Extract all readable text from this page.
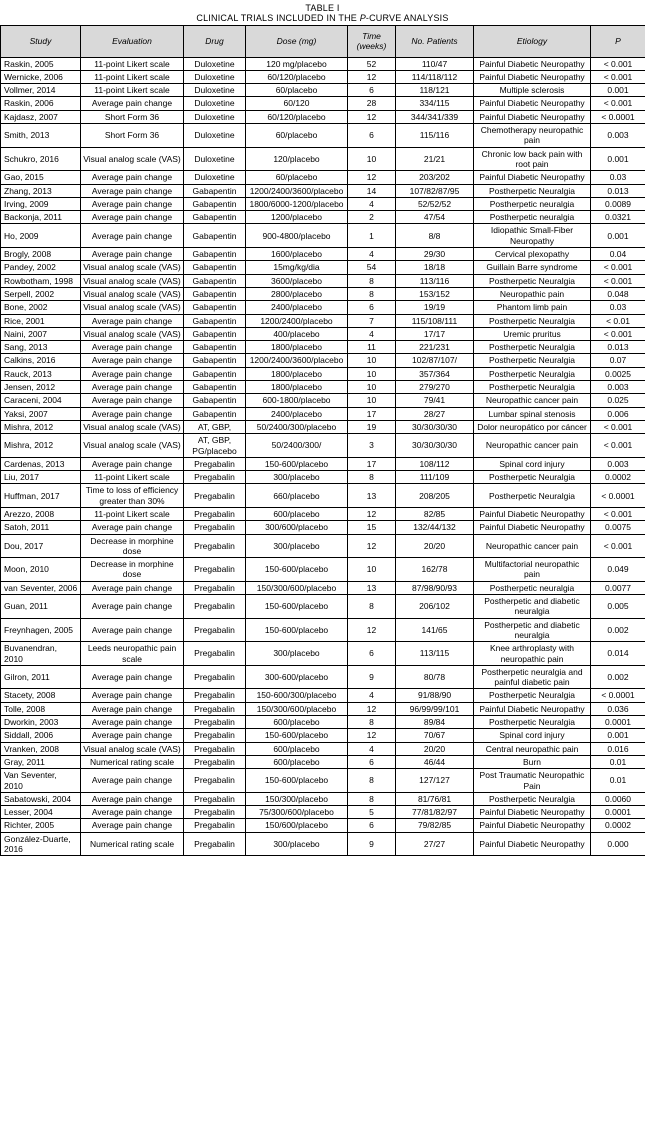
TABLE I
CLINICAL TRIALS INCLUDED IN THE P-CURVE ANALYSIS
Study	Evaluation	Drug	Dose (mg)	Time (weeks)	No. Patients	Etiology	P
Raskin, 2005	11-point Likert scale	Duloxetine	120 mg/placebo	52	110/47	Painful Diabetic Neuropathy	< 0.001
Wernicke, 2006	11-point Likert scale	Duloxetine	60/120/placebo	12	114/118/112	Painful Diabetic Neuropathy	< 0.001
Vollmer, 2014	11-point Likert scale	Duloxetine	60/placebo	6	118/121	Multiple sclerosis	0.001
Raskin, 2006	Average pain change	Duloxetine	60/120	28	334/115	Painful Diabetic Neuropathy	< 0.001
Kajdasz, 2007	Short Form 36	Duloxetine	60/120/placebo	12	344/341/339	Painful Diabetic Neuropathy	< 0.0001
Smith, 2013	Short Form 36	Duloxetine	60/placebo	6	115/116	Chemotherapy neuropathic pain	0.003
Schukro, 2016	Visual analog scale (VAS)	Duloxetine	120/placebo	10	21/21	Chronic low back pain with root pain	0.001
Gao, 2015	Average pain change	Duloxetine	60/placebo	12	203/202	Painful Diabetic Neuropathy	0.03
Zhang, 2013	Average pain change	Gabapentin	1200/2400/3600/placebo	14	107/82/87/95	Postherpetic Neuralgia	0.013
Irving, 2009	Average pain change	Gabapentin	1800/6000-1200/placebo	4	52/52/52	Postherpetic neuralgia	0.0089
Backonja, 2011	Average pain change	Gabapentin	1200/placebo	2	47/54	Postherpetic neuralgia	0.0321
Ho, 2009	Average pain change	Gabapentin	900-4800/placebo	1	8/8	Idiopathic Small-Fiber Neuropathy	0.001
Brogly, 2008	Average pain change	Gabapentin	1600/placebo	4	29/30	Cervical plexopathy	0.04
Pandey, 2002	Visual analog scale (VAS)	Gabapentin	15mg/kg/dia	54	18/18	Guillain Barre syndrome	< 0.001
Rowbotham, 1998	Visual analog scale (VAS)	Gabapentin	3600/placebo	8	113/116	Postherpetic Neuralgia	< 0.001
Serpell, 2002	Visual analog scale (VAS)	Gabapentin	2800/placebo	8	153/152	Neuropathic pain	0.048
Bone, 2002	Visual analog scale (VAS)	Gabapentin	2400/placebo	6	19/19	Phantom limb pain	0.03
Rice, 2001	Average pain change	Gabapentin	1200/2400/placebo	7	115/108/111	Postherpetic Neuralgia	< 0.01
Naini, 2007	Visual analog scale (VAS)	Gabapentin	400/placebo	4	17/17	Uremic pruritus	< 0.001
Sang, 2013	Average pain change	Gabapentin	1800/placebo	11	221/231	Postherpetic Neuralgia	0.013
Calkins, 2016	Average pain change	Gabapentin	1200/2400/3600/placebo	10	102/87/107/	Postherpetic Neuralgia	0.07
Rauck, 2013	Average pain change	Gabapentin	1800/placebo	10	357/364	Postherpetic Neuralgia	0.0025
Jensen, 2012	Average pain change	Gabapentin	1800/placebo	10	279/270	Postherpetic Neuralgia	0.003
Caraceni, 2004	Average pain change	Gabapentin	600-1800/placebo	10	79/41	Neuropathic cancer pain	0.025
Yaksi, 2007	Average pain change	Gabapentin	2400/placebo	17	28/27	Lumbar spinal stenosis	0.006
Mishra, 2012	Visual analog scale (VAS)	AT, GBP,	50/2400/300/placebo	19	30/30/30/30	Dolor neuropático por cáncer	< 0.001
Mishra, 2012	Visual analog scale (VAS)	AT, GBP, PG/placebo	50/2400/300/	3	30/30/30/30	Neuropathic cancer pain	< 0.001
Cardenas, 2013	Average pain change	Pregabalin	150-600/placebo	17	108/112	Spinal cord injury	0.003
Liu, 2017	11-point Likert scale	Pregabalin	300/placebo	8	111/109	Postherpetic Neuralgia	0.0002
Huffman, 2017	Time to loss of efficiency greater than 30%	Pregabalin	660/placebo	13	208/205	Postherpetic Neuralgia	< 0.0001
Arezzo, 2008	11-point Likert scale	Pregabalin	600/placebo	12	82/85	Painful Diabetic Neuropathy	< 0.001
Satoh, 2011	Average pain change	Pregabalin	300/600/placebo	15	132/44/132	Painful Diabetic Neuropathy	0.0075
Dou, 2017	Decrease in morphine dose	Pregabalin	300/placebo	12	20/20	Neuropathic cancer pain	< 0.001
Moon, 2010	Decrease in morphine dose	Pregabalin	150-600/placebo	10	162/78	Multifactorial neuropathic pain	0.049
van Seventer, 2006	Average pain change	Pregabalin	150/300/600/placebo	13	87/98/90/93	Postherpetic neuralgia	0.0077
Guan, 2011	Average pain change	Pregabalin	150-600/placebo	8	206/102	Postherpetic and diabetic neuralgia	0.005
Freynhagen, 2005	Average pain change	Pregabalin	150-600/placebo	12	141/65	Postherpetic and diabetic neuralgia	0.002
Buvanendran, 2010	Leeds neuropathic pain scale	Pregabalin	300/placebo	6	113/115	Knee arthroplasty with neuropathic pain	0.014
Gilron, 2011	Average pain change	Pregabalin	300-600/placebo	9	80/78	Postherpetic neuralgia and painful diabetic pain	0.002
Stacety, 2008	Average pain change	Pregabalin	150-600/300/placebo	4	91/88/90	Postherpetic Neuralgia	< 0.0001
Tolle, 2008	Average pain change	Pregabalin	150/300/600/placebo	12	96/99/99/101	Painful Diabetic Neuropathy	0.036
Dworkin, 2003	Average pain change	Pregabalin	600/placebo	8	89/84	Postherpetic Neuralgia	0.0001
Siddall, 2006	Average pain change	Pregabalin	150-600/placebo	12	70/67	Spinal cord injury	0.001
Vranken, 2008	Visual analog scale (VAS)	Pregabalin	600/placebo	4	20/20	Central neuropathic pain	0.016
Gray, 2011	Numerical rating scale	Pregabalin	600/placebo	6	46/44	Burn	0.01
Van Seventer, 2010	Average pain change	Pregabalin	150-600/placebo	8	127/127	Post Traumatic Neuropathic Pain	0.01
Sabatowski, 2004	Average pain change	Pregabalin	150/300/placebo	8	81/76/81	Postherpetic Neuralgia	0.0060
Lesser, 2004	Average pain change	Pregabalin	75/300/600/placebo	5	77/81/82/97	Painful Diabetic Neuropathy	0.0001
Richter, 2005	Average pain change	Pregabalin	150/600/placebo	6	79/82/85	Painful Diabetic Neuropathy	0.0002
González-Duarte, 2016	Numerical rating scale	Pregabalin	300/placebo	9	27/27	Painful Diabetic Neuropathy	0.000
